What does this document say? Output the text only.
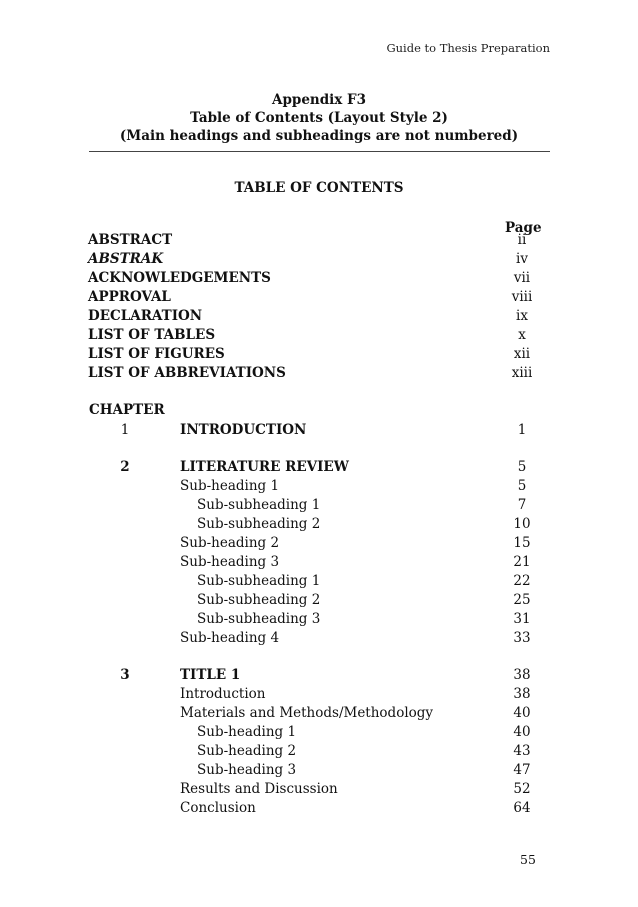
Guide to Thesis Preparation
Appendix F3
Table of Contents (Layout Style 2)
(Main headings and subheadings are not numbered)
TABLE OF CONTENTS
Page
ABSTRACT	ii
ABSTRAK	iv
ACKNOWLEDGEMENTS	vii
APPROVAL	viii
DECLARATION	ix
LIST OF TABLES	x
LIST OF FIGURES	xii
LIST OF ABBREVIATIONS	xiii
CHAPTER
1	INTRODUCTION	1
2	LITERATURE REVIEW	5
Sub-heading 1	5
Sub-subheading 1	7
Sub-subheading 2	10
Sub-heading 2	15
Sub-heading 3	21
Sub-subheading 1	22
Sub-subheading 2	25
Sub-subheading 3	31
Sub-heading 4	33
3	TITLE 1	38
Introduction	38
Materials and Methods/Methodology	40
Sub-heading 1	40
Sub-heading 2	43
Sub-heading 3	47
Results and Discussion	52
Conclusion	64
55
